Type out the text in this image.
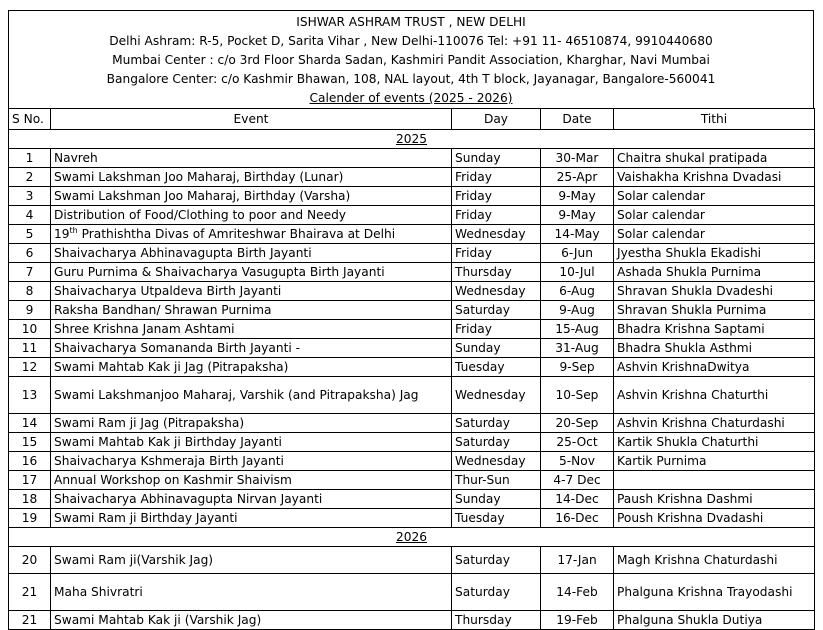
ISHWAR ASHRAM TRUST , NEW DELHI
Delhi Ashram: R-5, Pocket D, Sarita Vihar , New Delhi-110076 Tel: +91 11- 46510874, 9910440680
Mumbai Center : c/o 3rd Floor Sharda Sadan, Kashmiri Pandit Association, Kharghar, Navi Mumbai
Bangalore Center: c/o Kashmir Bhawan, 108, NAL layout, 4th T block, Jayanagar, Bangalore-560041
Calender of events (2025 - 2026)
S No.	Event	Day	Date	Tithi
2025				
1	Navreh	Sunday	30-Mar	Chaitra shukal pratipada
2	Swami Lakshman Joo Maharaj, Birthday (Lunar)	Friday	25-Apr	Vaishakha Krishna Dvadasi
3	Swami Lakshman Joo Maharaj, Birthday (Varsha)	Friday	9-May	Solar calendar
4	Distribution of Food/Clothing to poor and Needy	Friday	9-May	Solar calendar
5	19th Prathishtha Divas of Amriteshwar Bhairava at Delhi	Wednesday	14-May	Solar calendar
6	Shaivacharya Abhinavagupta Birth Jayanti	Friday	6-Jun	Jyestha Shukla Ekadishi
7	Guru Purnima & Shaivacharya Vasugupta Birth Jayanti	Thursday	10-Jul	Ashada Shukla Purnima
8	Shaivacharya Utpaldeva Birth Jayanti	Wednesday	6-Aug	Shravan Shukla Dvadeshi
9	Raksha Bandhan/ Shrawan Purnima	Saturday	9-Aug	Shravan Shukla Purnima
10	Shree Krishna Janam Ashtami	Friday	15-Aug	Bhadra Krishna Saptami
11	Shaivacharya Somananda Birth Jayanti -	Sunday	31-Aug	Bhadra Shukla Asthmi
12	Swami Mahtab Kak ji Jag (Pitrapaksha)	Tuesday	9-Sep	Ashvin KrishnaDwitya
13	Swami Lakshmanjoo Maharaj, Varshik (and Pitrapaksha) Jag	Wednesday	10-Sep	Ashvin Krishna Chaturthi
14	Swami Ram ji Jag (Pitrapaksha)	Saturday	20-Sep	Ashvin Krishna Chaturdashi
15	Swami Mahtab Kak ji Birthday Jayanti	Saturday	25-Oct	Kartik Shukla Chaturthi
16	Shaivacharya Kshmeraja Birth Jayanti	Wednesday	5-Nov	Kartik Purnima
17	Annual Workshop on Kashmir Shaivism	Thur-Sun	4-7 Dec	
18	Shaivacharya Abhinavagupta Nirvan Jayanti	Sunday	14-Dec	Paush Krishna Dashmi
19	Swami Ram ji Birthday Jayanti	Tuesday	16-Dec	Poush Krishna Dvadashi
2026				
20	Swami Ram ji(Varshik Jag)	Saturday	17-Jan	Magh Krishna Chaturdashi
21	Maha Shivratri	Saturday	14-Feb	Phalguna Krishna Trayodashi
21	Swami Mahtab Kak ji (Varshik Jag)	Thursday	19-Feb	Phalguna Shukla Dutiya
